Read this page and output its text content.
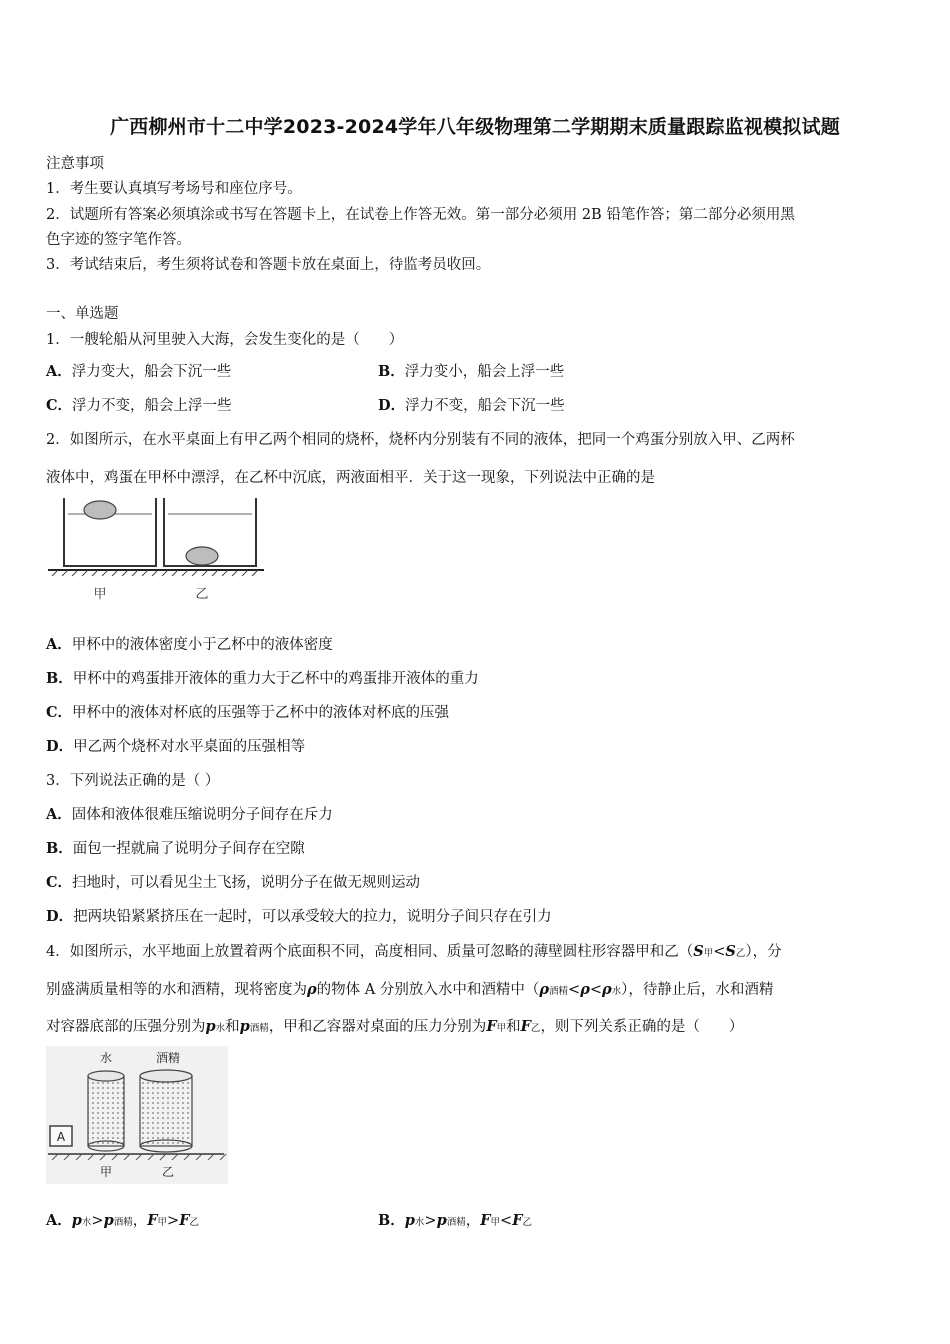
广西柳州市十二中学2023-2024学年八年级物理第二学期期末质量跟踪监视模拟试题
注意事项
1．考生要认真填写考场号和座位序号。
2．试题所有答案必须填涂或书写在答题卡上，在试卷上作答无效。第一部分必须用 2B 铅笔作答；第二部分必须用黑
色字迹的签字笔作答。
3．考试结束后，考生须将试卷和答题卡放在桌面上，待监考员收回。
一、单选题
1．一艘轮船从河里驶入大海，会发生变化的是（　　）
A．浮力变大，船会下沉一些	B．浮力变小，船会上浮一些
C．浮力不变，船会上浮一些	D．浮力不变，船会下沉一些
2．如图所示，在水平桌面上有甲乙两个相同的烧杯，烧杯内分别装有不同的液体，把同一个鸡蛋分别放入甲、乙两杯
液体中，鸡蛋在甲杯中漂浮，在乙杯中沉底，两液面相平．关于这一现象，下列说法中正确的是
甲	乙
A．甲杯中的液体密度小于乙杯中的液体密度
B．甲杯中的鸡蛋排开液体的重力大于乙杯中的鸡蛋排开液体的重力
C．甲杯中的液体对杯底的压强等于乙杯中的液体对杯底的压强
D．甲乙两个烧杯对水平桌面的压强相等
3．下列说法正确的是（ ）
A．固体和液体很难压缩说明分子间存在斥力
B．面包一捏就扁了说明分子间存在空隙
C．扫地时，可以看见尘土飞扬，说明分子在做无规则运动
D．把两块铅紧紧挤压在一起时，可以承受较大的拉力，说明分子间只存在引力
4．如图所示，水平地面上放置着两个底面积不同，高度相同、质量可忽略的薄壁圆柱形容器甲和乙（S甲<S乙），分
别盛满质量相等的水和酒精，现将密度为ρ的物体 A 分别放入水中和酒精中（ρ酒精<ρ<ρ水），待静止后，水和酒精
对容器底部的压强分别为p水和p酒精，甲和乙容器对桌面的压力分别为F甲和F乙，则下列关系正确的是（　　）
A
水	酒精
甲	乙
A．p水>p酒精，F甲>F乙	B．p水>p酒精，F甲<F乙
